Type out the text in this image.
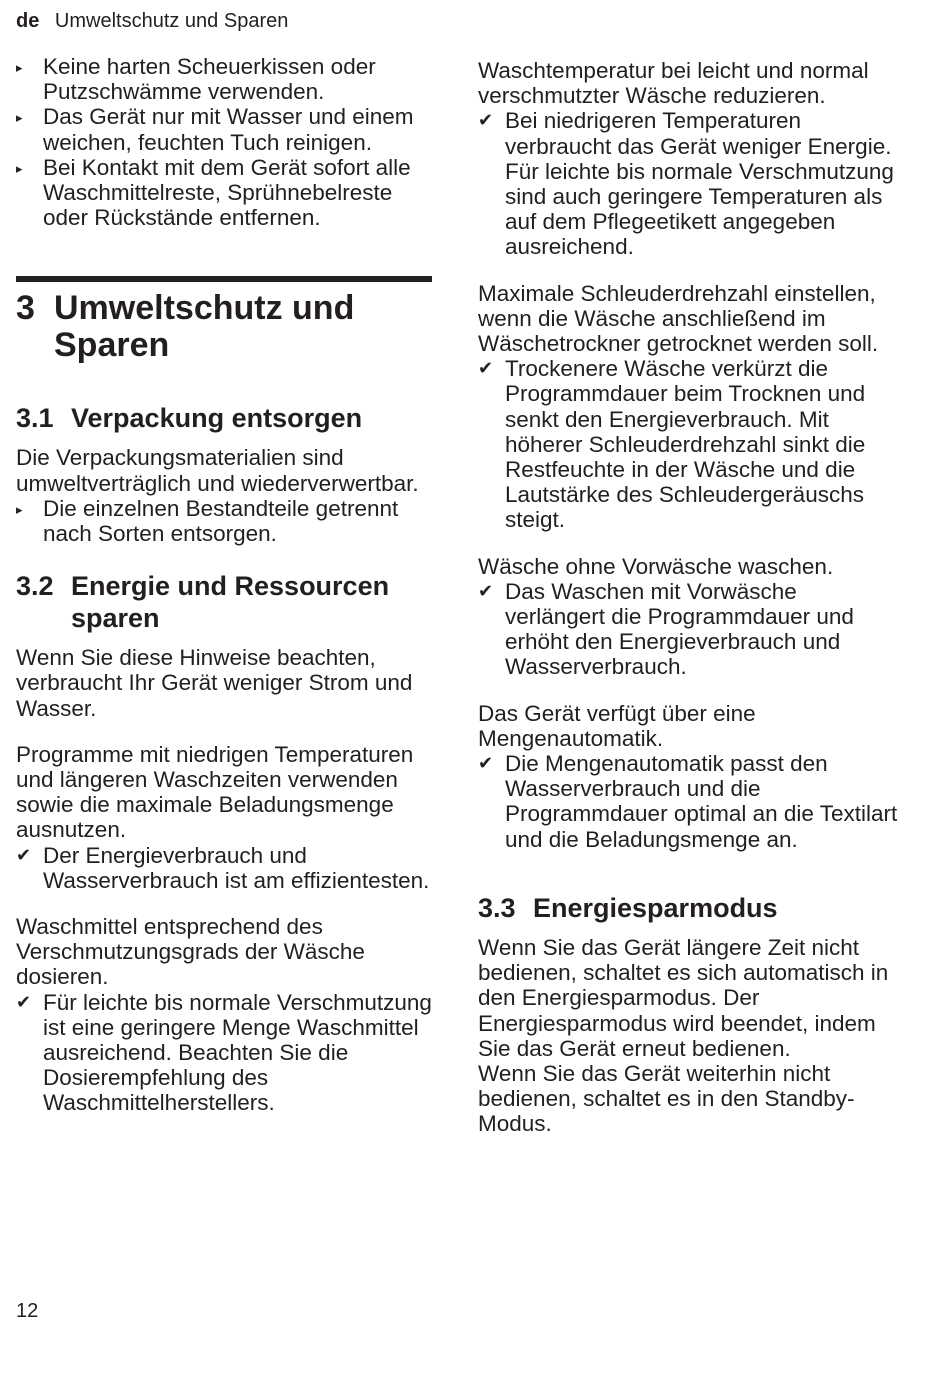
de Umweltschutz und Sparen
▸ Keine harten Scheuerkissen oder Putzschwämme verwenden.

▸ Das Gerät nur mit Wasser und einem weichen, feuchten Tuch reinigen.

▸ Bei Kontakt mit dem Gerät sofort alle Waschmittelreste, Sprühnebelreste oder Rückstände entfernen.

3 Umweltschutz und Sparen
3.1 Verpackung entsorgen

Die Verpackungsmaterialien sind umweltverträglich und wiederverwertbar.

▸ Die einzelnen Bestandteile getrennt nach Sorten entsorgen.

3.2 Energie und Ressourcen sparen

Wenn Sie diese Hinweise beachten, verbraucht Ihr Gerät weniger Strom und Wasser.

Programme mit niedrigen Temperaturen und längeren Waschzeiten verwenden sowie die maximale Beladungsmenge ausnutzen.

✔ Der Energieverbrauch und Wasserverbrauch ist am effizientesten.

Waschmittel entsprechend des Verschmutzungsgrads der Wäsche dosieren.

✔ Für leichte bis normale Verschmutzung ist eine geringere Menge Waschmittel ausreichend. Beachten Sie die Dosierempfehlung des Waschmittelherstellers.

Waschtemperatur bei leicht und normal verschmutzter Wäsche reduzieren.

✔ Bei niedrigeren Temperaturen verbraucht das Gerät weniger Energie. Für leichte bis normale Verschmutzung sind auch geringere Temperaturen als auf dem Pflegeetikett angegeben ausreichend.

Maximale Schleuderdrehzahl einstellen, wenn die Wäsche anschließend im Wäschetrockner getrocknet werden soll.

✔ Trockenere Wäsche verkürzt die Programmdauer beim Trocknen und senkt den Energieverbrauch. Mit höherer Schleuderdrehzahl sinkt die Restfeuchte in der Wäsche und die Lautstärke des Schleudergeräuschs steigt.

Wäsche ohne Vorwäsche waschen.

✔ Das Waschen mit Vorwäsche verlängert die Programmdauer und erhöht den Energieverbrauch und Wasserverbrauch.

Das Gerät verfügt über eine Mengenautomatik.

✔ Die Mengenautomatik passt den Wasserverbrauch und die Programmdauer optimal an die Textilart und die Beladungsmenge an.

3.3 Energiesparmodus

Wenn Sie das Gerät längere Zeit nicht bedienen, schaltet es sich automatisch in den Energiesparmodus. Der Energiesparmodus wird beendet, indem Sie das Gerät erneut bedienen.

Wenn Sie das Gerät weiterhin nicht bedienen, schaltet es in den Standby-Modus.

12
